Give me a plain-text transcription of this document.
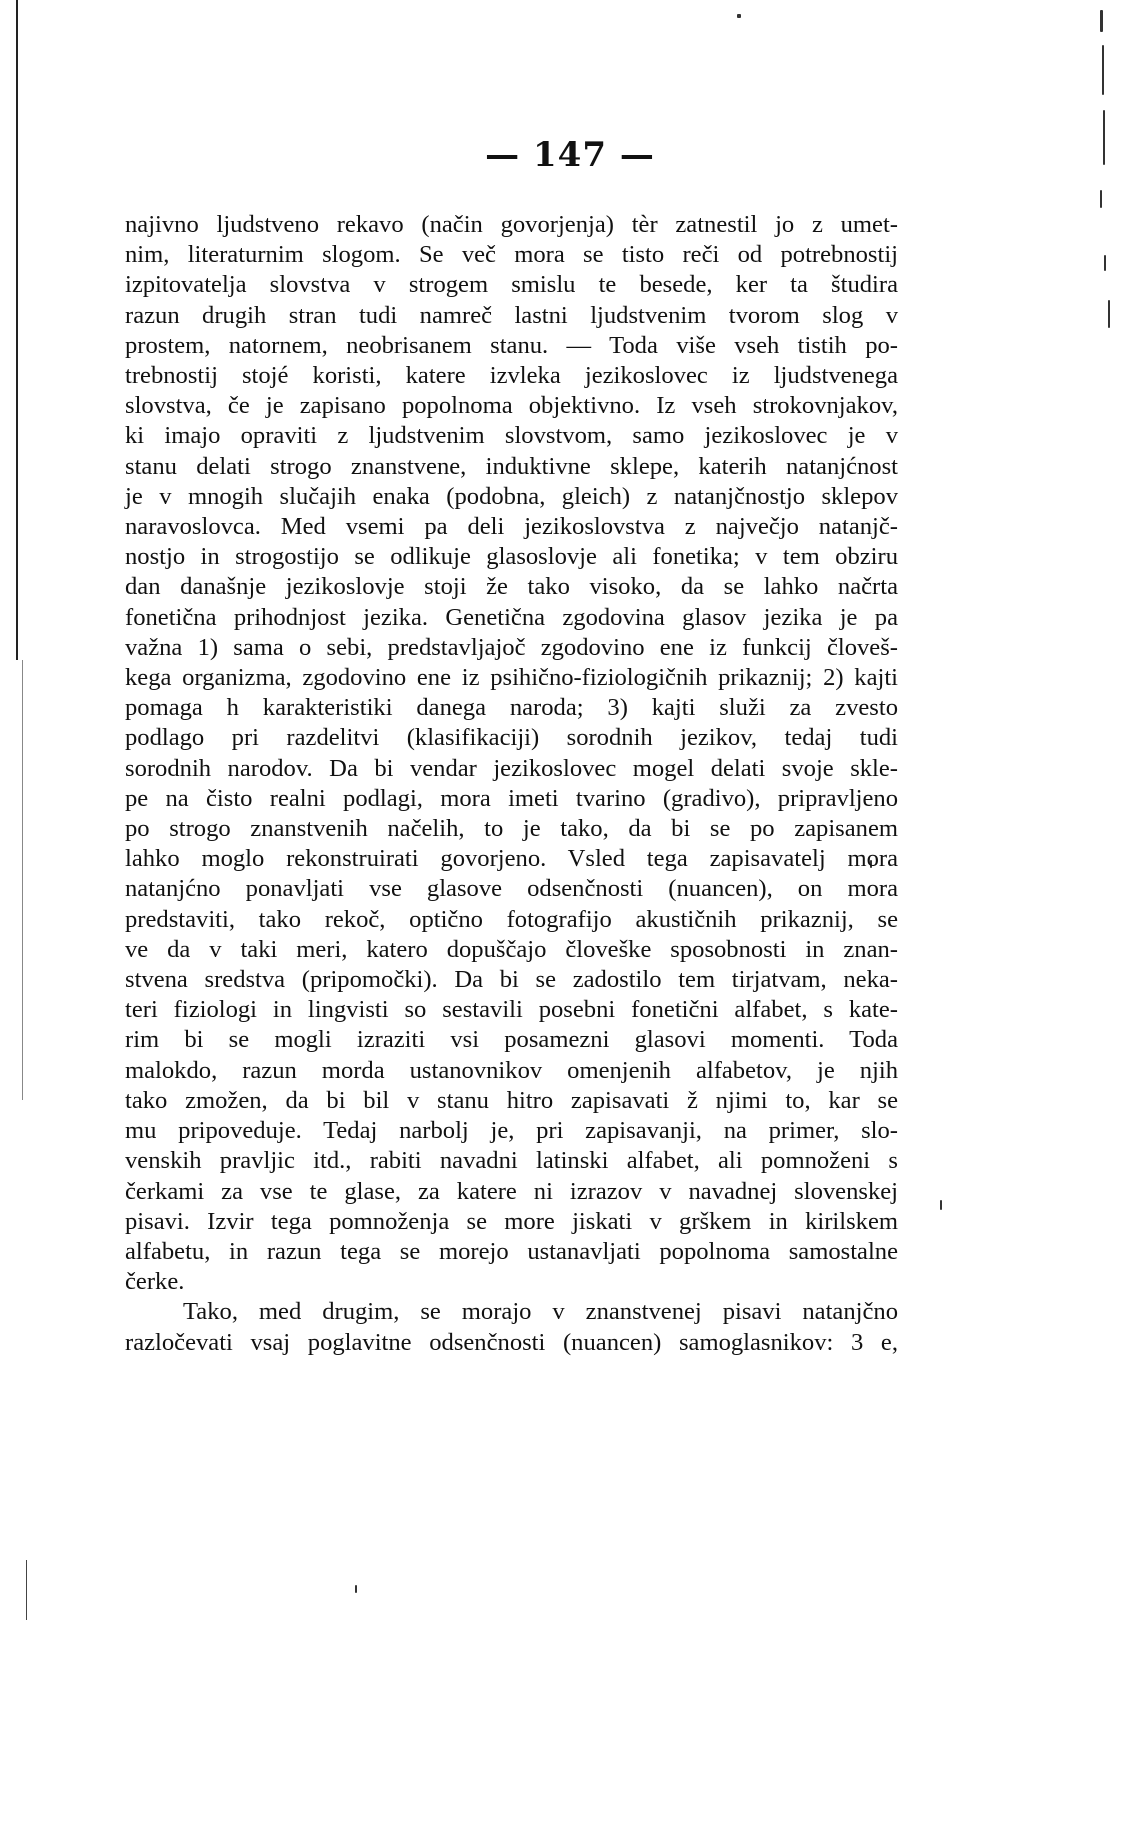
— 147 —
najivno ljudstveno rekavo (način govorjenja) tèr zatnestil jo z umet-
nim, literaturnim slogom. Se več mora se tisto reči od potrebnostij
izpitovatelja slovstva v strogem smislu te besede, ker ta študira
razun drugih stran tudi namreč lastni ljudstvenim tvorom slog v
prostem, natornem, neobrisanem stanu. — Toda više vseh tistih po-
trebnostij stojé koristi, katere izvleka jezikoslovec iz ljudstvenega
slovstva, če je zapisano popolnoma objektivno. Iz vseh strokovnjakov,
ki imajo opraviti z ljudstvenim slovstvom, samo jezikoslovec je v
stanu delati strogo znanstvene, induktivne sklepe, katerih natanjćnost
je v mnogih slučajih enaka (podobna, gleich) z natanjčnostjo sklepov
naravoslovca. Med vsemi pa deli jezikoslovstva z največjo natanjč-
nostjo in strogostijo se odlikuje glasoslovje ali fonetika; v tem obziru
dan današnje jezikoslovje stoji že tako visoko, da se lahko načrta
fonetična prihodnjost jezika. Genetična zgodovina glasov jezika je pa
važna 1) sama o sebi, predstavljajoč zgodovino ene iz funkcij človeš-
kega organizma, zgodovino ene iz psihično-fiziologičnih prikaznij; 2) kajti
pomaga h karakteristiki danega naroda; 3) kajti služi za zvesto
podlago pri razdelitvi (klasifikaciji) sorodnih jezikov, tedaj tudi
sorodnih narodov. Da bi vendar jezikoslovec mogel delati svoje sklе-
pe na čisto realni podlagi, mora imeti tvarino (gradivo), pripravljeno
po strogo znanstvenih načelih, to je tako, da bi se po zapisanem
lahko moglo rekonstruirati govorjeno. Vsled tega zapisavatelj mora
natanjćno ponavljati vse glasove odsenčnosti (nuancen), on mora
predstaviti, tako rekoč, optično fotografijo akustičnih prikaznij, se
ve da v taki meri, katero dopuščajo človeške sposobnosti in znan-
stvena sredstva (pripomočki). Da bi se zadostilo tem tirjatvam, neka-
teri fiziologi in lingvisti so sestavili posebni fonetični alfabet, s kate-
rim bi se mogli izraziti vsi posamezni glasovi momenti. Toda
malokdo, razun morda ustanovnikov omenjenih alfabetov, je njih
tako zmožen, da bi bil v stanu hitro zapisavati ž njimi to, kar se
mu pripoveduje. Tedaj narbolj je, pri zapisavanji, na primer, slo-
venskih pravljic itd., rabiti navadni latinski alfabet, ali pomnoženi s
čerkami za vse te glase, za katere ni izrazov v navadnej slovenskej
pisavi. Izvir tega pomnoženja se more jiskati v grškem in kirilskem
alfabetu, in razun tega se morejo ustanavljati popolnoma samostalne
čerke.
Tako, med drugim, se morajo v znanstvenej pisavi natanjčno
razločevati vsaj poglavitne odsenčnosti (nuancen) samoglasnikov: 3 e,
